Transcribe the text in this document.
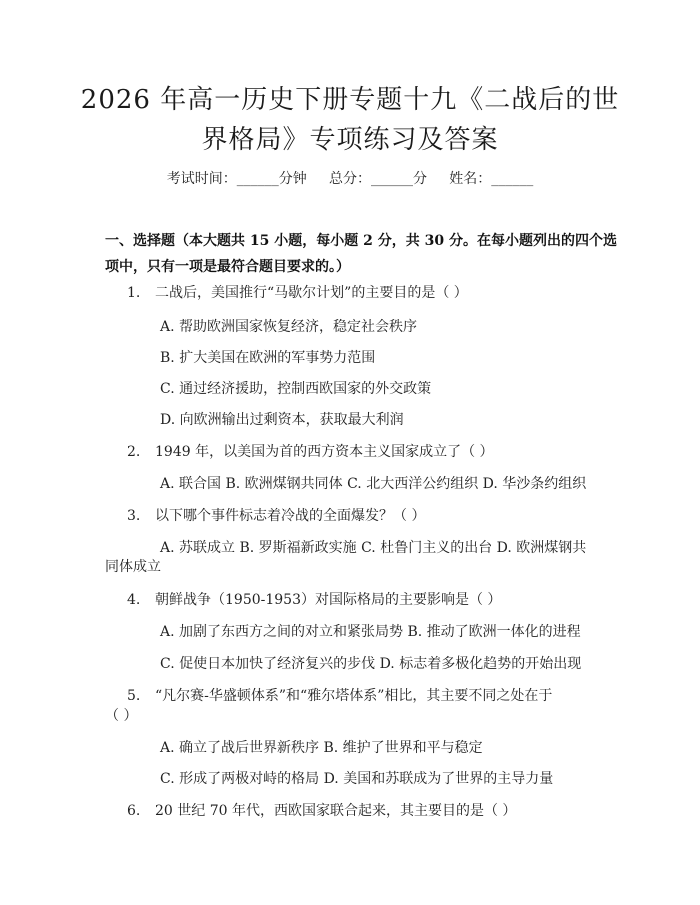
2026 年高一历史下册专题十九《二战后的世
界格局》专项练习及答案
考试时间：______分钟     总分：______分     姓名：______
一、选择题（本大题共 15 小题，每小题 2 分，共 30 分。在每小题列出的四个选
项中，只有一项是最符合题目要求的。）
1. 二战后，美国推行“马歇尔计划”的主要目的是（ ）
A. 帮助欧洲国家恢复经济，稳定社会秩序
B. 扩大美国在欧洲的军事势力范围
C. 通过经济援助，控制西欧国家的外交政策
D. 向欧洲输出过剩资本，获取最大利润
2. 1949 年，以美国为首的西方资本主义国家成立了（ ）
A. 联合国 B. 欧洲煤钢共同体 C. 北大西洋公约组织 D. 华沙条约组织
3. 以下哪个事件标志着冷战的全面爆发？（ ）
A. 苏联成立 B. 罗斯福新政实施 C. 杜鲁门主义的出台 D. 欧洲煤钢共
同体成立
4. 朝鲜战争（1950-1953）对国际格局的主要影响是（ ）
A. 加剧了东西方之间的对立和紧张局势 B. 推动了欧洲一体化的进程
C. 促使日本加快了经济复兴的步伐 D. 标志着多极化趋势的开始出现
5. “凡尔赛-华盛顿体系”和“雅尔塔体系”相比，其主要不同之处在于
（ ）
A. 确立了战后世界新秩序 B. 维护了世界和平与稳定
C. 形成了两极对峙的格局 D. 美国和苏联成为了世界的主导力量
6. 20 世纪 70 年代，西欧国家联合起来，其主要目的是（ ）
